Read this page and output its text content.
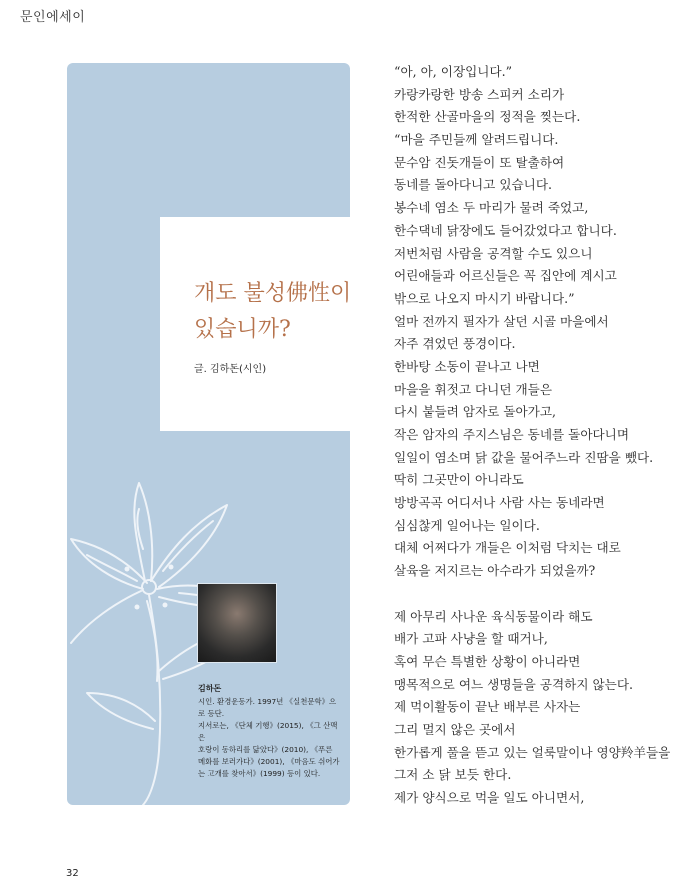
문인에세이
개도 불성佛性이
있습니까?
글. 김하돈(시인)
김하돈
시인. 환경운동가. 1997년 《실천문학》으
로 등단.
지서로는, 《단체 기행》(2015), 《그 산맥은
호랑이 동하리를 닮았다》(2010), 《푸른
메화를 보러가다》(2001), 《마음도 쉬어가
는 고개를 찾아서》(1999) 등이 있다.
“아, 아, 이장입니다.”
카랑카랑한 방송 스피커 소리가
한적한 산골마을의 정적을 찢는다.
“마을 주민들께 알려드립니다.
문수암 진돗개들이 또 탈출하여
동네를 돌아다니고 있습니다.
봉수네 염소 두 마리가 물려 죽었고,
한수댁네 닭장에도 들어갔었다고 합니다.
저번처럼 사람을 공격할 수도 있으니
어린애들과 어르신들은 꼭 집안에 계시고
밖으로 나오지 마시기 바랍니다.”
얼마 전까지 필자가 살던 시골 마을에서
자주 겪었던 풍경이다.
한바탕 소동이 끝나고 나면
마을을 휘젓고 다니던 개들은
다시 붙들려 암자로 돌아가고,
작은 암자의 주지스님은 동네를 돌아다니며
일일이 염소며 닭 값을 물어주느라 진땀을 뺐다.
딱히 그곳만이 아니라도
방방곡곡 어디서나 사람 사는 동네라면
심심찮게 일어나는 일이다.
대체 어쩌다가 개들은 이처럼 닥치는 대로
살육을 저지르는 아수라가 되었을까?
제 아무리 사나운 육식동물이라 해도
배가 고파 사냥을 할 때거나,
혹여 무슨 특별한 상황이 아니라면
맹목적으로 여느 생명들을 공격하지 않는다.
제 먹이활동이 끝난 배부른 사자는
그리 멀지 않은 곳에서
한가롭게 풀을 뜯고 있는 얼룩말이나 영양羚羊들을
그저 소 닭 보듯 한다.
제가 양식으로 먹을 일도 아니면서,
32
